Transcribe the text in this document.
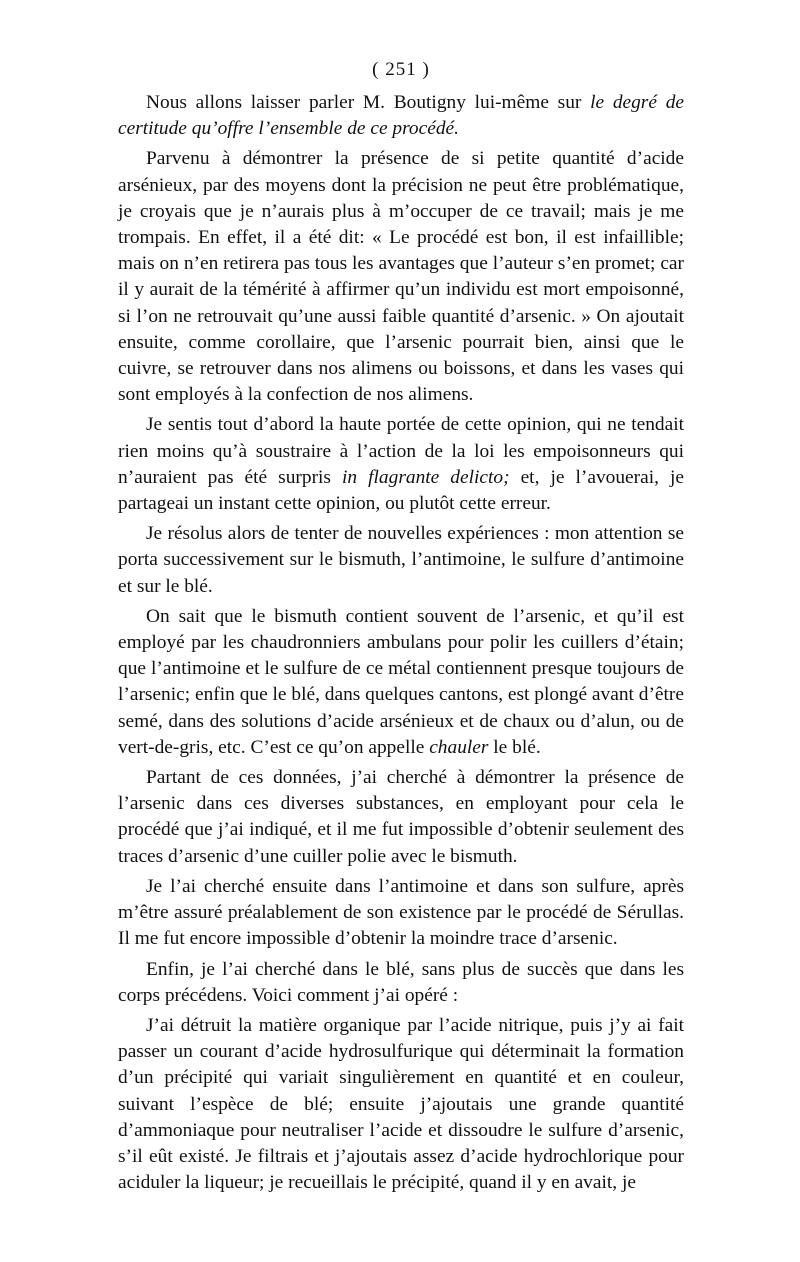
( 251 )

Nous allons laisser parler M. Boutigny lui-même sur le degré de certitude qu’offre l’ensemble de ce procédé.

Parvenu à démontrer la présence de si petite quantité d’acide arsénieux, par des moyens dont la précision ne peut être problématique, je croyais que je n’aurais plus à m’occuper de ce travail; mais je me trompais. En effet, il a été dit: « Le procédé est bon, il est infaillible; mais on n’en retirera pas tous les avantages que l’auteur s’en promet; car il y aurait de la témérité à affirmer qu’un individu est mort empoisonné, si l’on ne retrouvait qu’une aussi faible quantité d’arsenic. » On ajoutait ensuite, comme corollaire, que l’arsenic pourrait bien, ainsi que le cuivre, se retrouver dans nos alimens ou boissons, et dans les vases qui sont employés à la confection de nos alimens.

Je sentis tout d’abord la haute portée de cette opinion, qui ne tendait rien moins qu’à soustraire à l’action de la loi les empoisonneurs qui n’auraient pas été surpris in flagrante delicto; et, je l’avouerai, je partageai un instant cette opinion, ou plutôt cette erreur.

Je résolus alors de tenter de nouvelles expériences : mon attention se porta successivement sur le bismuth, l’antimoine, le sulfure d’antimoine et sur le blé.

On sait que le bismuth contient souvent de l’arsenic, et qu’il est employé par les chaudronniers ambulans pour polir les cuillers d’étain; que l’antimoine et le sulfure de ce métal contiennent presque toujours de l’arsenic; enfin que le blé, dans quelques cantons, est plongé avant d’être semé, dans des solutions d’acide arsénieux et de chaux ou d’alun, ou de vert-de-gris, etc. C’est ce qu’on appelle chauler le blé.

Partant de ces données, j’ai cherché à démontrer la présence de l’arsenic dans ces diverses substances, en employant pour cela le procédé que j’ai indiqué, et il me fut impossible d’obtenir seulement des traces d’arsenic d’une cuiller polie avec le bismuth.

Je l’ai cherché ensuite dans l’antimoine et dans son sulfure, après m’être assuré préalablement de son existence par le procédé de Sérullas. Il me fut encore impossible d’obtenir la moindre trace d’arsenic.

Enfin, je l’ai cherché dans le blé, sans plus de succès que dans les corps précédens. Voici comment j’ai opéré :

J’ai détruit la matière organique par l’acide nitrique, puis j’y ai fait passer un courant d’acide hydrosulfurique qui déterminait la formation d’un précipité qui variait singulièrement en quantité et en couleur, suivant l’espèce de blé; ensuite j’ajoutais une grande quantité d’ammoniaque pour neutraliser l’acide et dissoudre le sulfure d’arsenic, s’il eût existé. Je filtrais et j’ajoutais assez d’acide hydrochlorique pour aciduler la liqueur; je recueillais le précipité, quand il y en avait, je
